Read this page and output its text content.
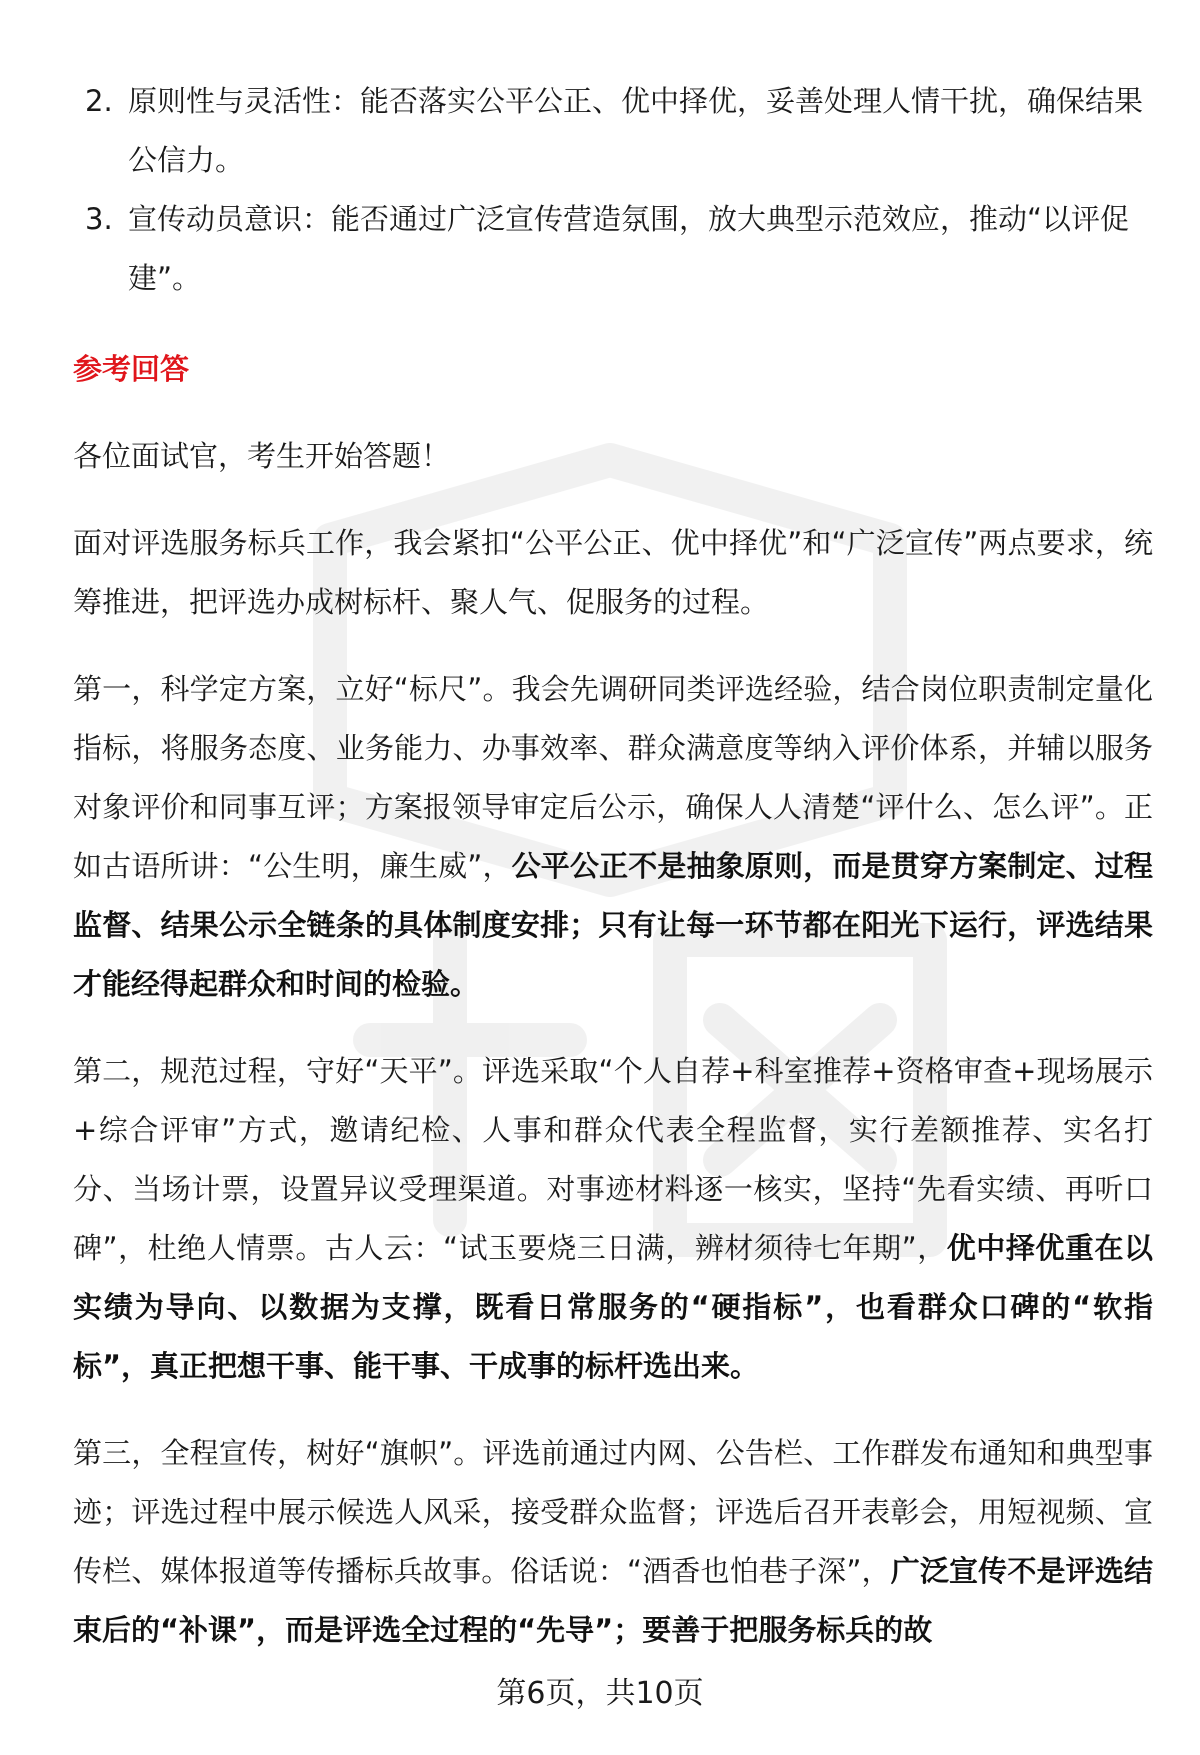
2. 原则性与灵活性：能否落实公平公正、优中择优，妥善处理人情干扰，确保结果公信力。
3. 宣传动员意识：能否通过广泛宣传营造氛围，放大典型示范效应，推动“以评促建”。
参考回答

各位面试官，考生开始答题！

面对评选服务标兵工作，我会紧扣“公平公正、优中择优”和“广泛宣传”两点要求，统筹推进，把评选办成树标杆、聚人气、促服务的过程。

第一，科学定方案，立好“标尺”。我会先调研同类评选经验，结合岗位职责制定量化指标，将服务态度、业务能力、办事效率、群众满意度等纳入评价体系，并辅以服务对象评价和同事互评；方案报领导审定后公示，确保人人清楚“评什么、怎么评”。正如古语所讲：“公生明，廉生威”，公平公正不是抽象原则，而是贯穿方案制定、过程监督、结果公示全链条的具体制度安排；只有让每一环节都在阳光下运行，评选结果才能经得起群众和时间的检验。

第二，规范过程，守好“天平”。评选采取“个人自荐+科室推荐+资格审查+现场展示+综合评审”方式，邀请纪检、人事和群众代表全程监督，实行差额推荐、实名打分、当场计票，设置异议受理渠道。对事迹材料逐一核实，坚持“先看实绩、再听口碑”，杜绝人情票。古人云：“试玉要烧三日满，辨材须待七年期”，优中择优重在以实绩为导向、以数据为支撑，既看日常服务的“硬指标”，也看群众口碑的“软指标”，真正把想干事、能干事、干成事的标杆选出来。

第三，全程宣传，树好“旗帜”。评选前通过内网、公告栏、工作群发布通知和典型事迹；评选过程中展示候选人风采，接受群众监督；评选后召开表彰会，用短视频、宣传栏、媒体报道等传播标兵故事。俗话说：“酒香也怕巷子深”，广泛宣传不是评选结束后的“补课”，而是评选全过程的“先导”；要善于把服务标兵的故

第6页，共10页
